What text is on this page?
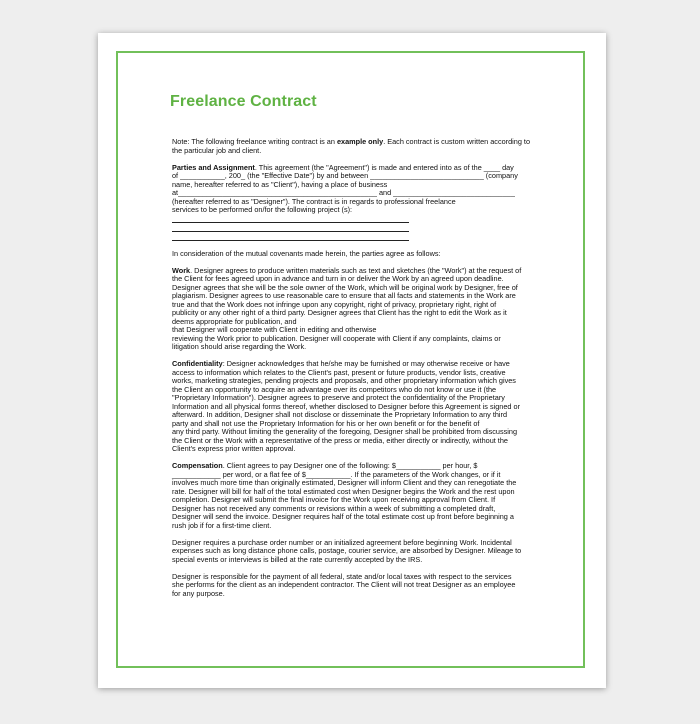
Freelance Contract
Note: The following freelance writing contract is an example only. Each contract is custom written according to the particular job and client.

Parties and Assignment. This agreement (the "Agreement") is made and entered into as of the ____ day

of ___________, 200_ (the "Effective Date") by and between ____________________________ (company

name, hereafter referred to as "Client"), having a place of business

at_________________________________________________ and ______________________________

(hereafter referred to as "Designer"). The contract is in regards to professional freelance

services to be performed on/for the following project (s):

In consideration of the mutual covenants made herein, the parties agree as follows:

Work. Designer agrees to produce written materials such as text and sketches (the "Work") at the request of

the Client for fees agreed upon in advance and turn in or deliver the Work by an agreed upon deadline.

Designer agrees that she will be the sole owner of the Work, which will be original work by Designer, free of

plagiarism. Designer agrees to use reasonable care to ensure that all facts and statements in the Work are

true and that the Work does not infringe upon any copyright, right of privacy, proprietary right, right of

publicity or any other right of a third party. Designer agrees that Client has the right to edit the Work as it

deems appropriate for publication, and

that Designer will cooperate with Client in editing and otherwise

reviewing the Work prior to publication. Designer will cooperate with Client if any complaints, claims or

litigation should arise regarding the Work.

Confidentiality: Designer acknowledges that he/she may be furnished or may otherwise receive or have

access to information which relates to the Client's past, present or future products, vendor lists, creative

works, marketing strategies, pending projects and proposals, and other proprietary information which gives

the Client an opportunity to acquire an advantage over its competitors who do not know or use it (the

"Proprietary Information"). Designer agrees to preserve and protect the confidentiality of the Proprietary

Information and all physical forms thereof, whether disclosed to Designer before this Agreement is signed or

afterward. In addition, Designer shall not disclose or disseminate the Proprietary Information to any third

party and shall not use the Proprietary Information for his or her own benefit or for the benefit of

any third party. Without limiting the generality of the foregoing, Designer shall be prohibited from discussing

the Client or the Work with a representative of the press or media, either directly or indirectly, without the

Client's express prior written approval.

Compensation. Client agrees to pay Designer one of the following: $___________ per hour, $

____________ per word, or a flat fee of $___________. If the parameters of the Work changes, or if it

involves much more time than originally estimated, Designer will inform Client and they can renegotiate the

rate. Designer will bill for half of the total estimated cost when Designer begins the Work and the rest upon

completion. Designer will submit the final invoice for the Work upon receiving approval from Client. If

Designer has not received any comments or revisions within a week of submitting a completed draft,

Designer will send the invoice. Designer requires half of the total estimate cost up front before beginning a

rush job if for a first-time client.

Designer requires a purchase order number or an initialized agreement before beginning Work. Incidental

expenses such as long distance phone calls, postage, courier service, are absorbed by Designer. Mileage to

special events or interviews is billed at the rate currently accepted by the IRS.

Designer is responsible for the payment of all federal, state and/or local taxes with respect to the services

she performs for the client as an independent contractor. The Client will not treat Designer as an employee

for any purpose.
